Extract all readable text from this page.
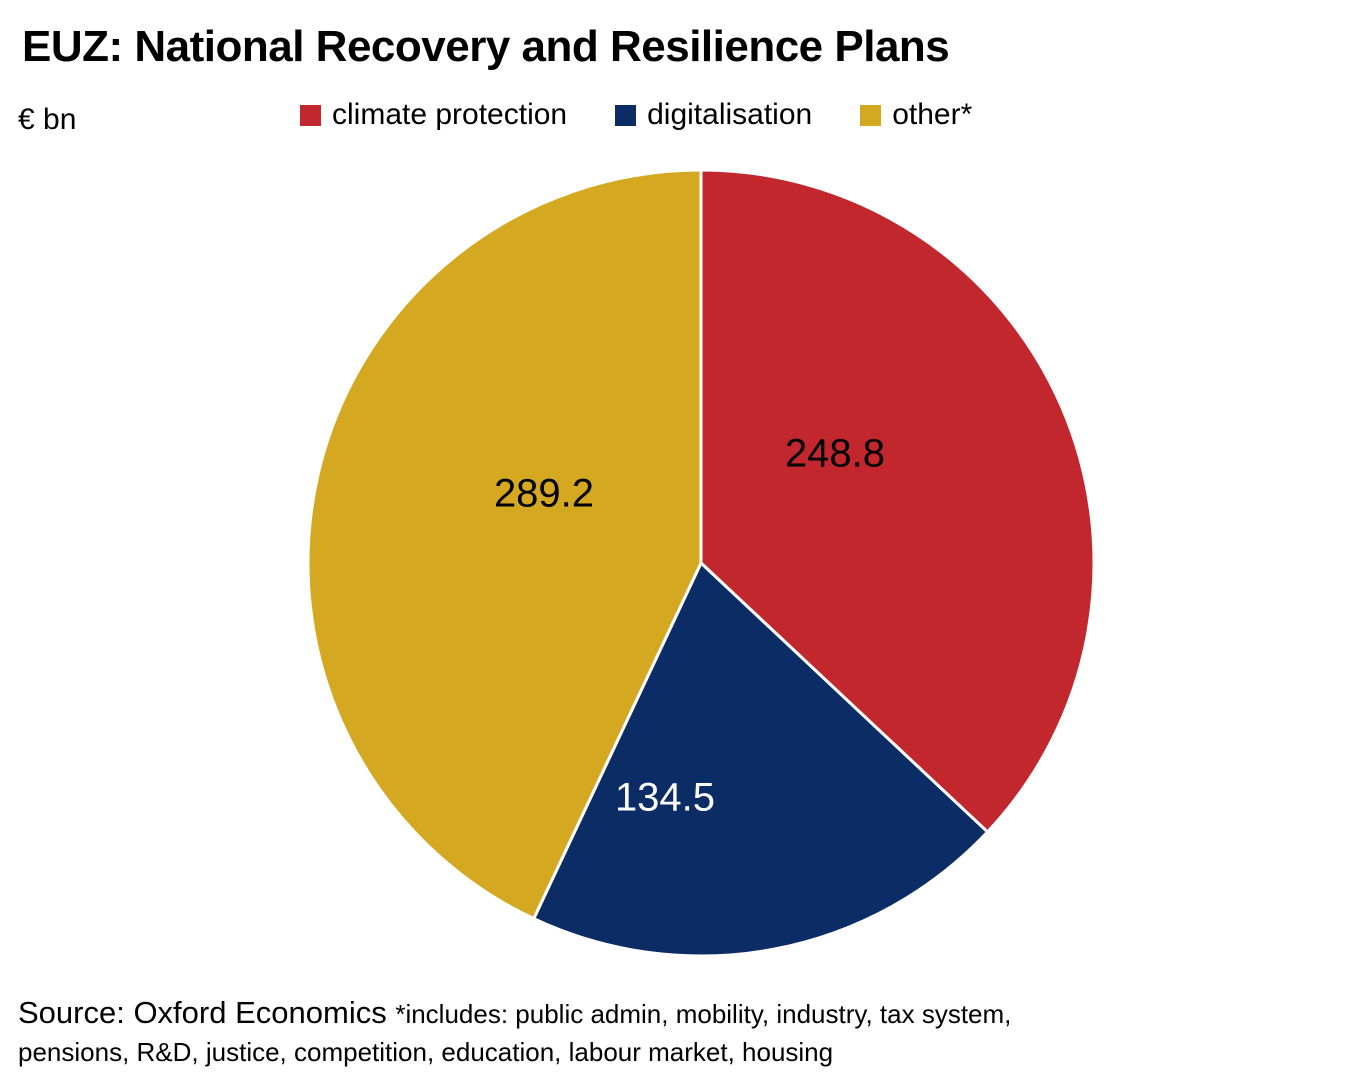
EUZ: National Recovery and Resilience Plans
€ bn	climate protection	digitalisation	other*
248.8
134.5
289.2
Source: Oxford Economics *includes: public admin, mobility, industry, tax system,
pensions, R&D, justice, competition, education, labour market, housing
